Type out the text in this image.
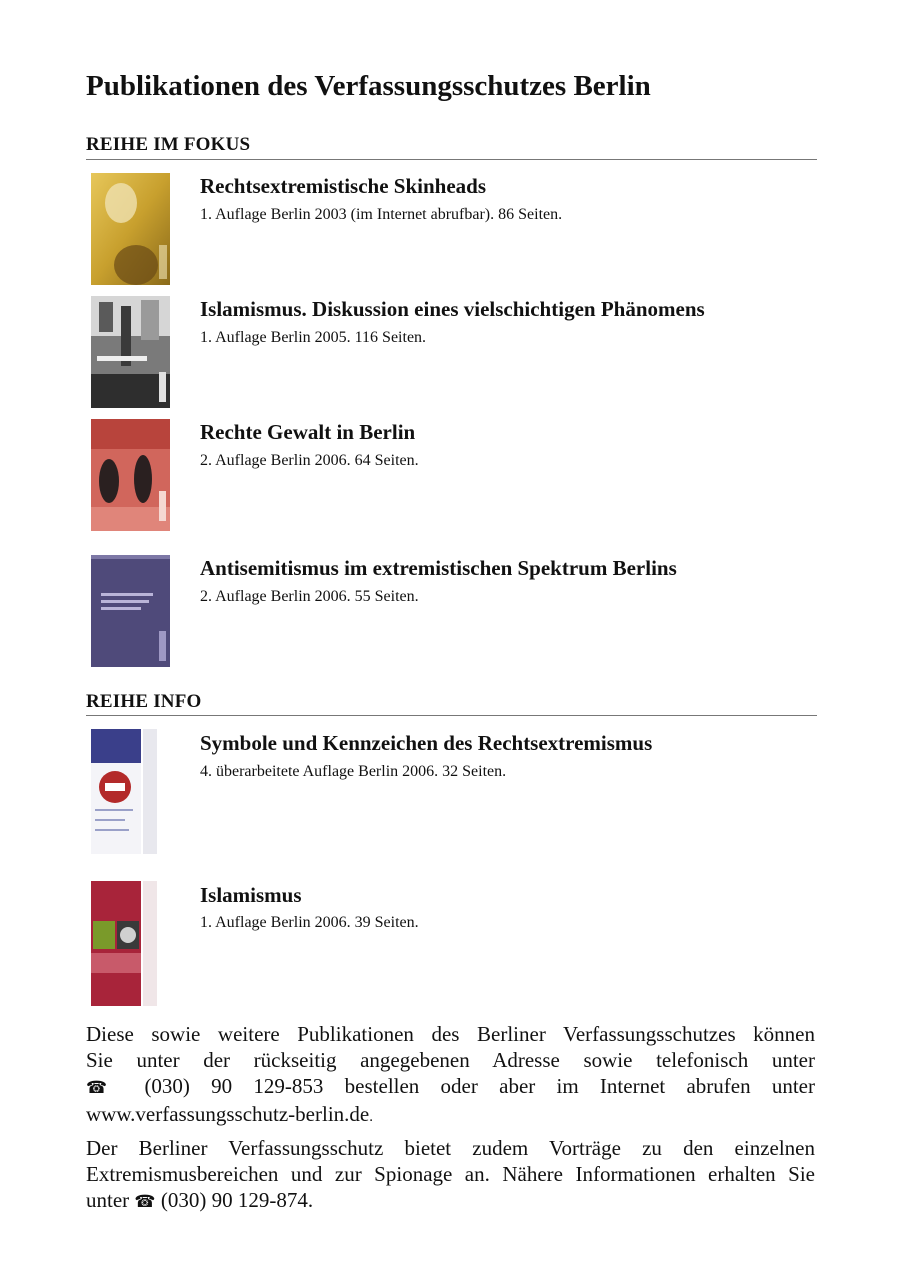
Publikationen des Verfassungsschutzes Berlin
REIHE IM FOKUS
Rechtsextremistische Skinheads
1. Auflage Berlin 2003 (im Internet abrufbar). 86 Seiten.
Islamismus. Diskussion eines vielschichtigen Phänomens
1. Auflage Berlin 2005. 116 Seiten.
Rechte Gewalt in Berlin
2. Auflage Berlin 2006. 64 Seiten.
Antisemitismus im extremistischen Spektrum Berlins
2. Auflage Berlin 2006. 55 Seiten.
REIHE INFO
Symbole und Kennzeichen des Rechtsextremismus
4. überarbeitete Auflage Berlin 2006. 32 Seiten.
Islamismus
1. Auflage Berlin 2006. 39 Seiten.
Diese sowie weitere Publikationen des Berliner Verfassungsschutzes können
Sie unter der rückseitig angegebenen Adresse sowie telefonisch unter
☎ (030) 90 129-853 bestellen oder aber im Internet abrufen unter
www.verfassungsschutz-berlin.de.
Der Berliner Verfassungsschutz bietet zudem Vorträge zu den einzelnen
Extremismusbereichen und zur Spionage an. Nähere Informationen erhalten Sie
unter ☎ (030) 90 129-874.
